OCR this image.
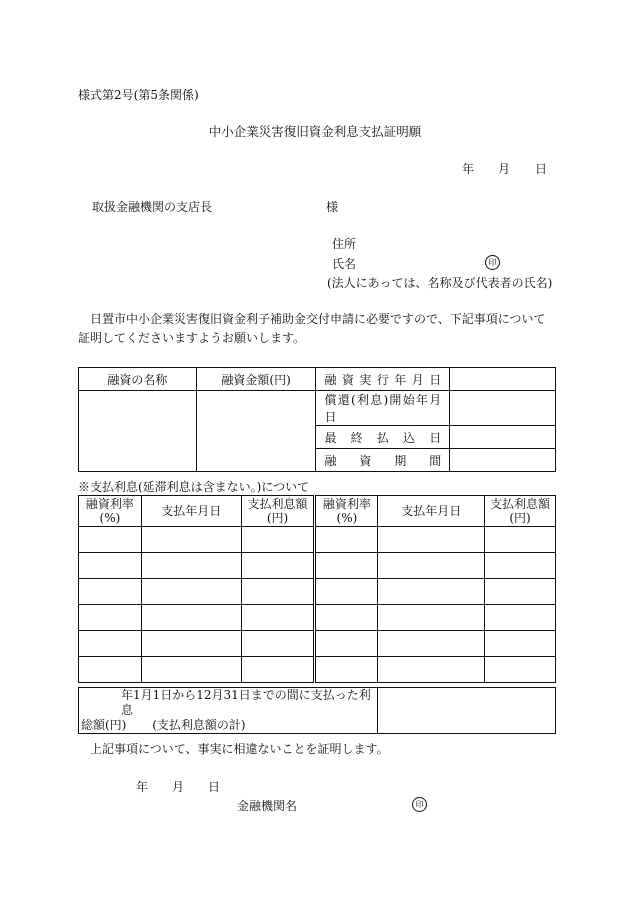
様式第2号(第5条関係)
中小企業災害復旧資金利息支払証明願
年 月 日
取扱金融機関の支店長	様
住所
氏名	印
(法人にあっては、名称及び代表者の氏名)
日置市中小企業災害復旧資金利子補助金交付申請に必要ですので、下記事項について証明してくださいますようお願いします。
融資の名称	融資金額(円)	融資実行年月日	
		償還(利息)開始年月日	
		最終払込日	
		融資期間	
※支払利息(延滞利息は含まない。)について
融資利率(%)	支払年月日	支払利息額(円)	融資利率(%)	支払年月日	支払利息額(円)

年1月1日から12月31日までの間に支払った利息
総額(円) (支払利息額の計)

上記事項について、事実に相違ないことを証明します。
年 月 日
金融機関名	印
